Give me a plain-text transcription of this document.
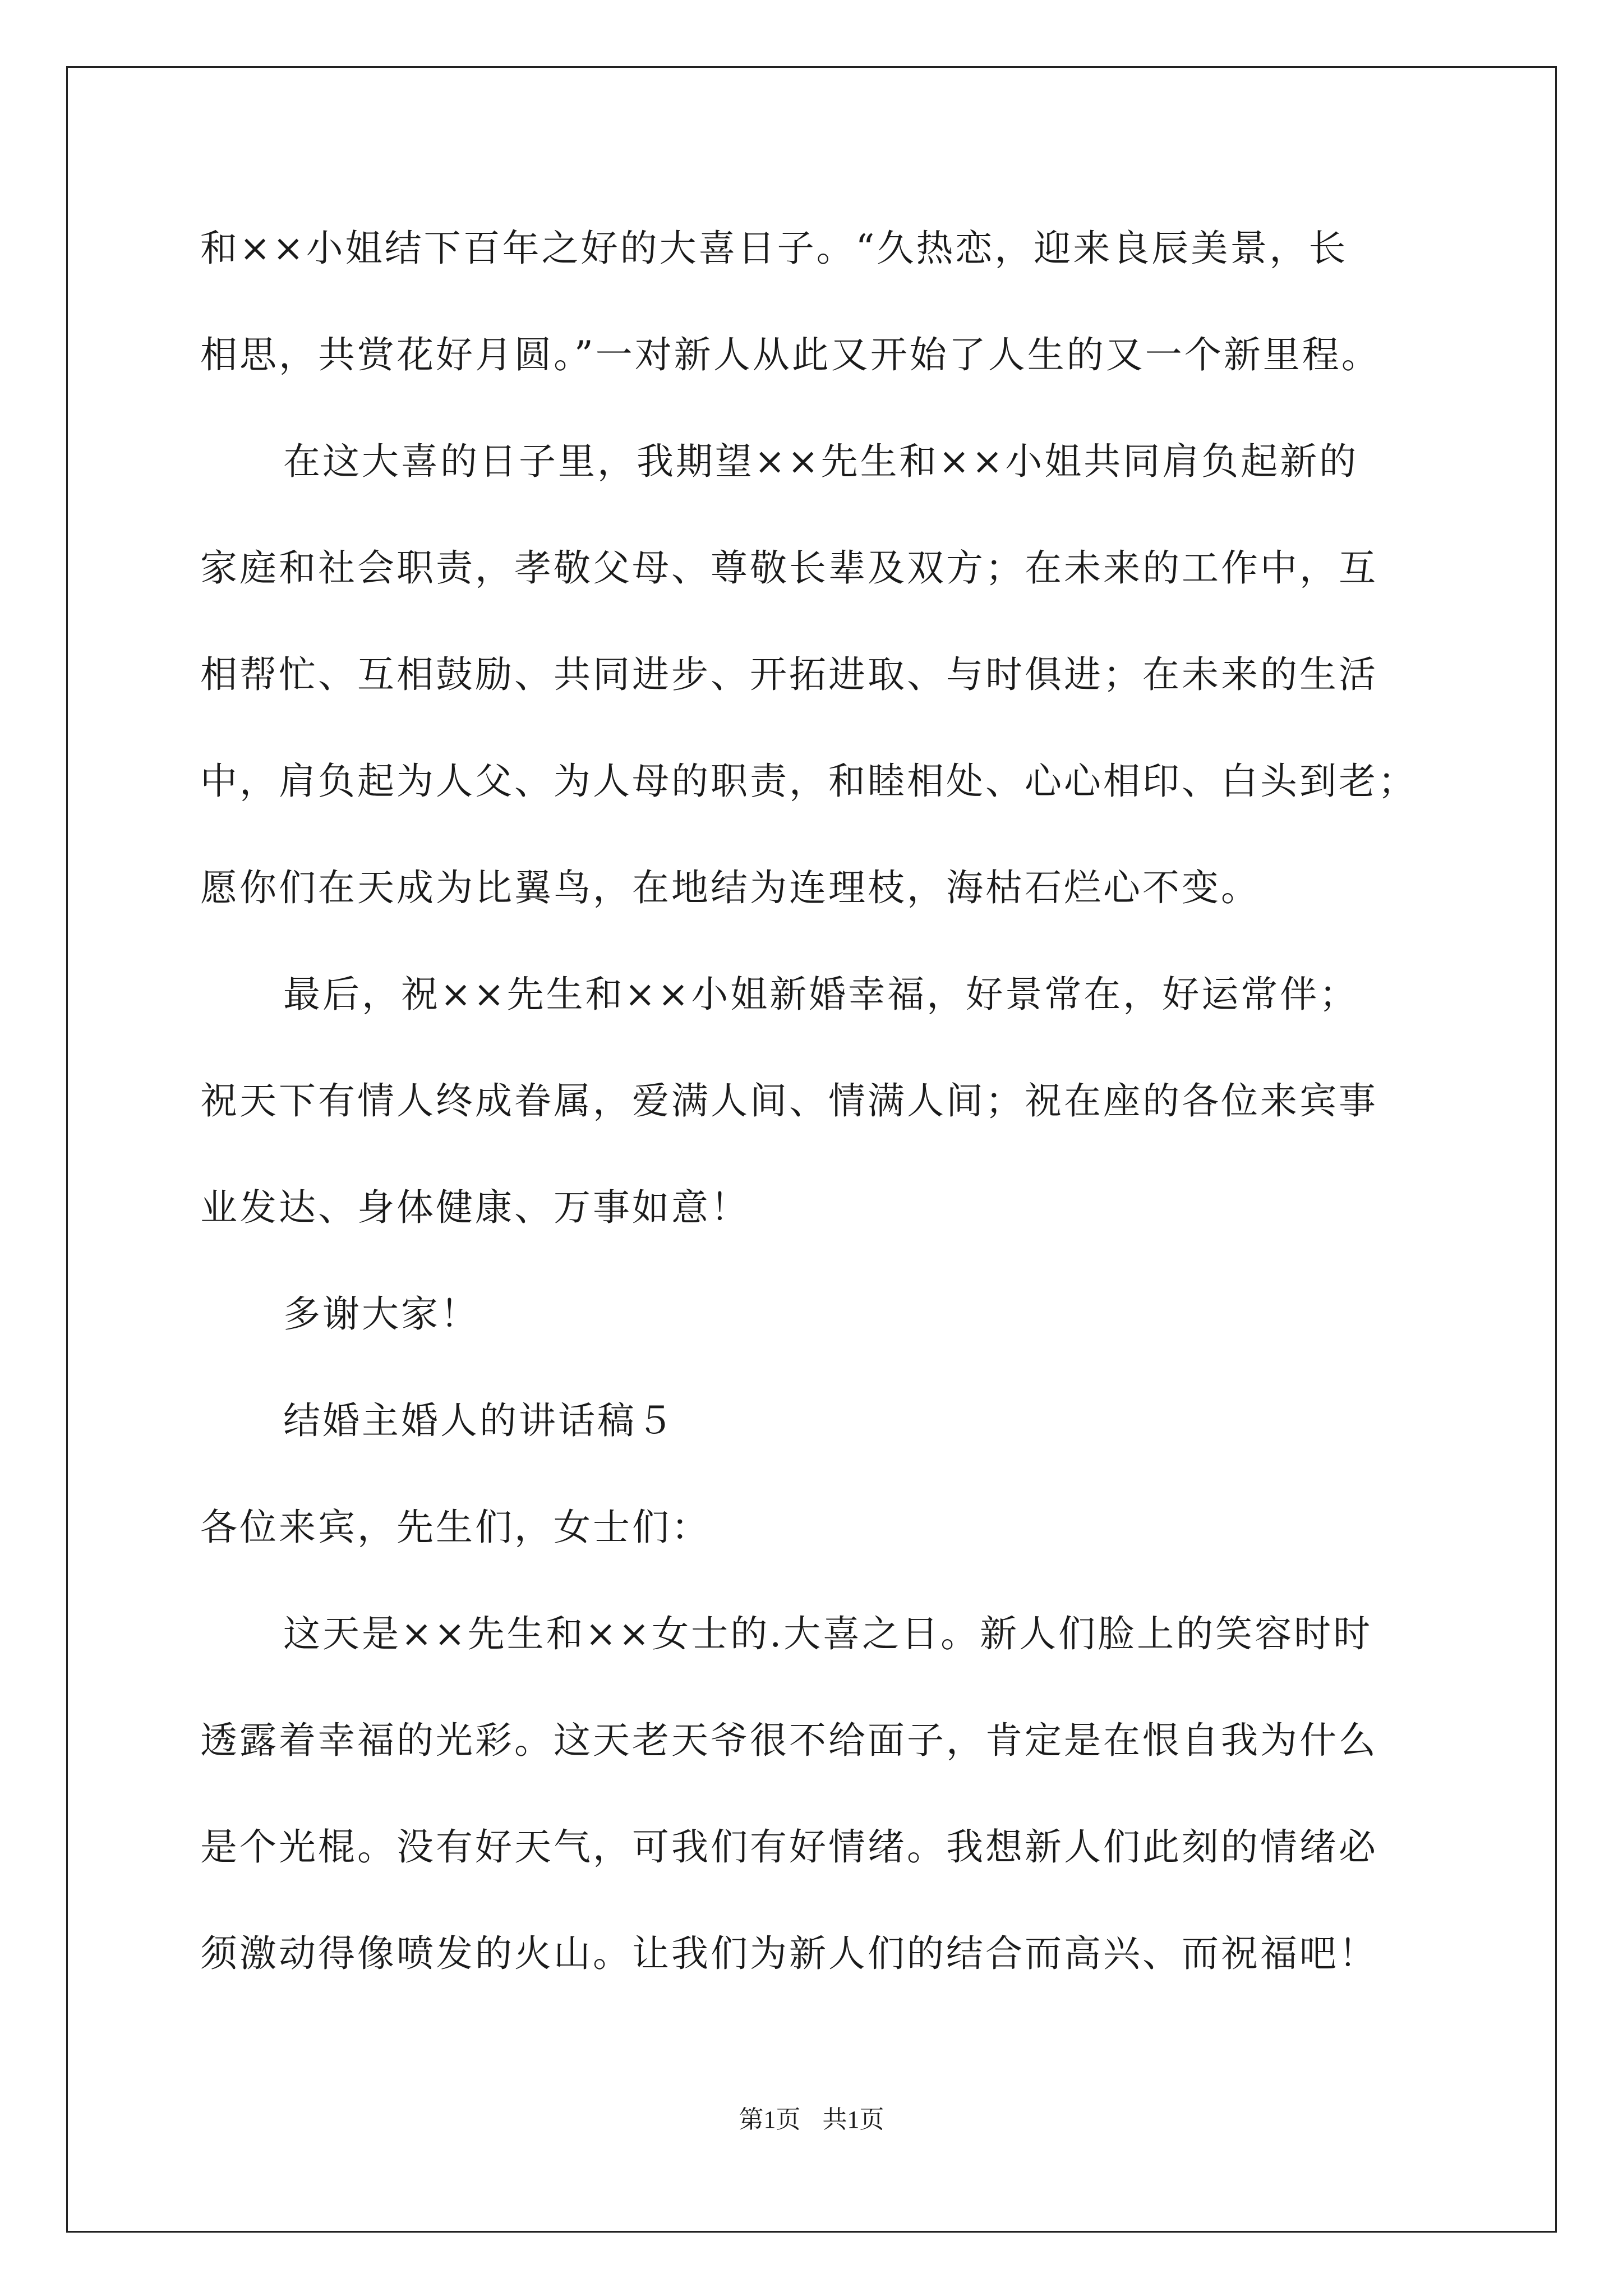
和××小姐结下百年之好的大喜日子。“久热恋，迎来良辰美景，长
相思，共赏花好月圆。”一对新人从此又开始了人生的又一个新里程。
在这大喜的日子里，我期望××先生和××小姐共同肩负起新的
家庭和社会职责，孝敬父母、尊敬长辈及双方；在未来的工作中，互
相帮忙、互相鼓励、共同进步、开拓进取、与时俱进；在未来的生活
中，肩负起为人父、为人母的职责，和睦相处、心心相印、白头到老；
愿你们在天成为比翼鸟，在地结为连理枝，海枯石烂心不变。
最后，祝××先生和××小姐新婚幸福，好景常在，好运常伴；
祝天下有情人终成眷属，爱满人间、情满人间；祝在座的各位来宾事
业发达、身体健康、万事如意！
多谢大家！
结婚主婚人的讲话稿５
各位来宾，先生们，女士们：
这天是××先生和××女士的.大喜之日。新人们脸上的笑容时时
透露着幸福的光彩。这天老天爷很不给面子，肯定是在恨自我为什么
是个光棍。没有好天气，可我们有好情绪。我想新人们此刻的情绪必
须激动得像喷发的火山。让我们为新人们的结合而高兴、而祝福吧！
第1页 共1页
